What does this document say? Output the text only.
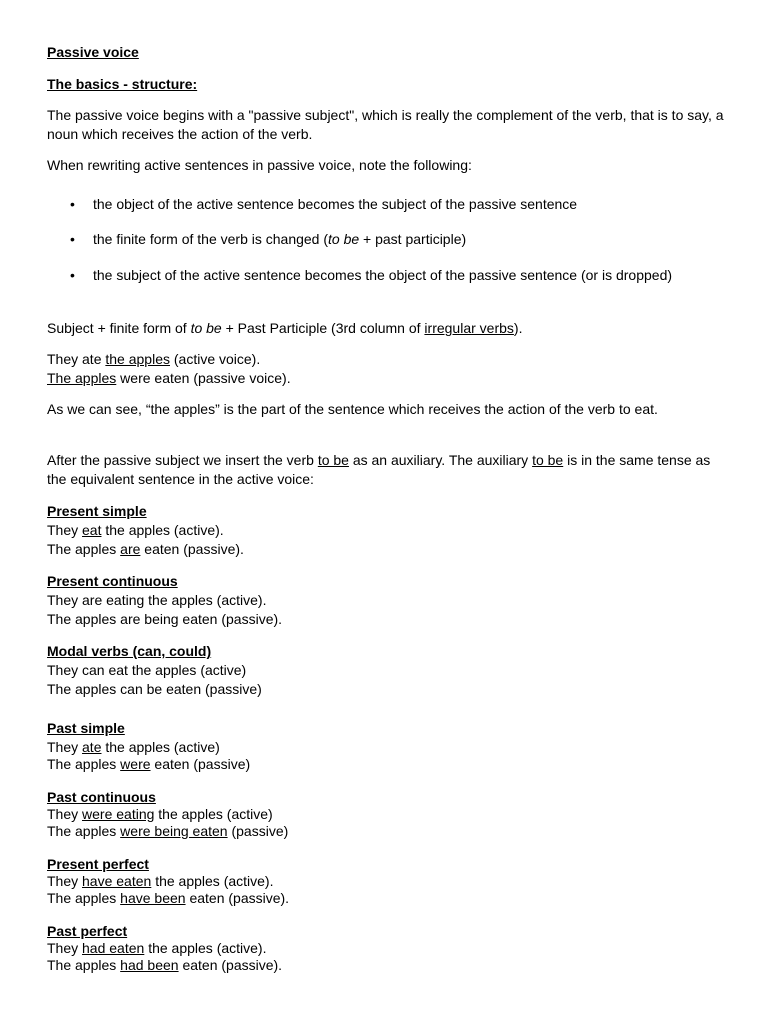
Passive voice
The basics - structure:
The passive voice begins with a "passive subject", which is really the complement of the verb, that is to say, a noun which receives the action of the verb.
When rewriting active sentences in passive voice, note the following:
• the object of the active sentence becomes the subject of the passive sentence
• the finite form of the verb is changed (to be + past participle)
• the subject of the active sentence becomes the object of the passive sentence (or is dropped)
Subject + finite form of to be + Past Participle (3rd column of irregular verbs).
They ate the apples (active voice).
The apples were eaten (passive voice).
As we can see, “the apples” is the part of the sentence which receives the action of the verb to eat.
After the passive subject we insert the verb to be as an auxiliary. The auxiliary to be is in the same tense as the equivalent sentence in the active voice:
Present simple
They eat the apples (active).
The apples are eaten (passive).
Present continuous
They are eating the apples (active).
The apples are being eaten (passive).
Modal verbs (can, could)
They can eat the apples (active)
The apples can be eaten (passive)
Past simple
They ate the apples (active)
The apples were eaten (passive)
Past continuous
They were eating the apples (active)
The apples were being eaten (passive)
Present perfect
They have eaten the apples (active).
The apples have been eaten (passive).
Past perfect
They had eaten the apples (active).
The apples had been eaten (passive).
